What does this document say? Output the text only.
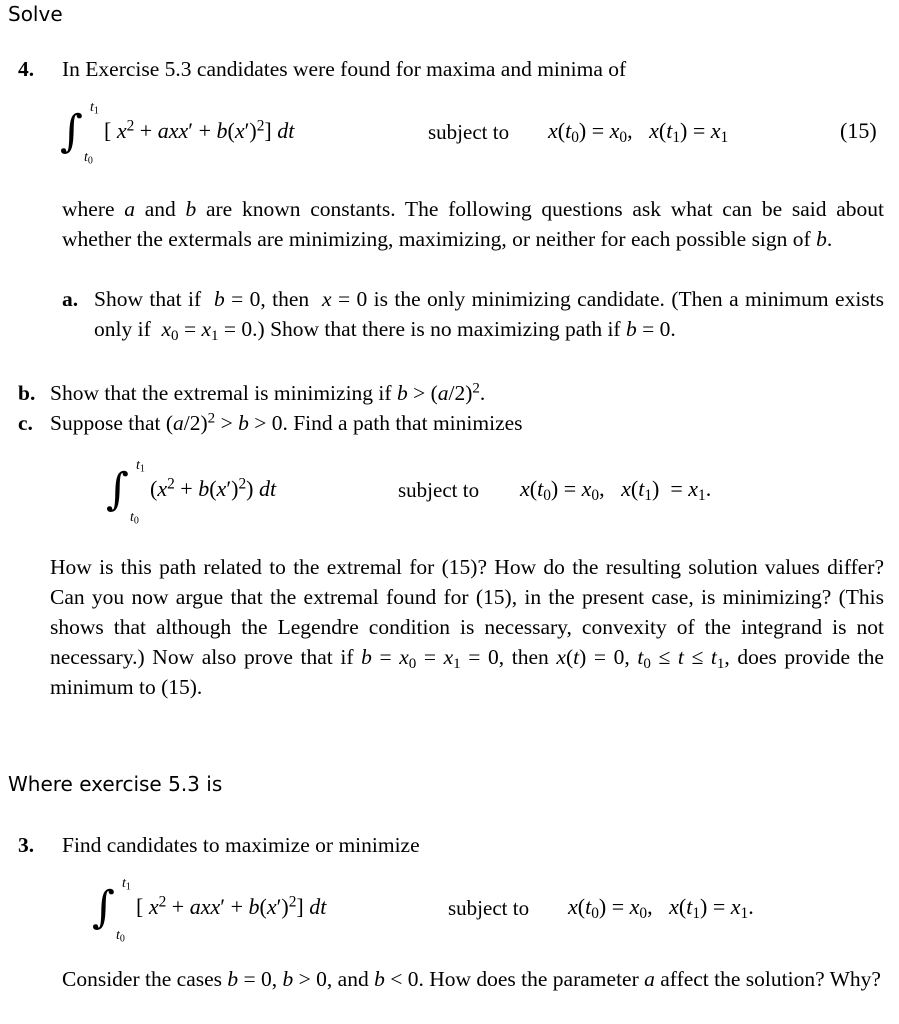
Solve
4. In Exercise 5.3 candidates were found for maxima and minima of
∫ $t_1$
$t_0$
[ $x^2 + axx' + b(x')^2$] dt	subject to $x(t_0) = x_0$,   $x(t_1) = x_1$	(15)
where a and b are known constants. The following questions ask what can be said about whether the extermals are minimizing, maximizing, or neither for each possible sign of b.
a. Show that if  b = 0, then  x = 0 is the only minimizing candidate. (Then a minimum exists only if  $x_0 = x_1 = 0$.) Show that there is no maximizing path if b = 0.
b. Show that the extremal is minimizing if $b > (a/2)^2$.
c. Suppose that $(a/2)^2 > b > 0$. Find a path that minimizes
∫ $t_1$
$t_0$
$(x^2 + b(x')^2)$ dt	subject to $x(t_0) = x_0$,   $x(t_1) = x_1$.
How is this path related to the extremal for (15)? How do the resulting solution values differ? Can you now argue that the extremal found for (15), in the present case, is minimizing? (This shows that although the Legendre condition is necessary, convexity of the integrand is not necessary.) Now also prove that if $b = x_0 = x_1 = 0$, then x(t) = 0, $t_0 \le t \le t_1$, does provide the minimum to (15).
Where exercise 5.3 is
3. Find candidates to maximize or minimize
∫ $t_1$
$t_0$
[ $x^2 + axx' + b(x')^2$] dt	subject to $x(t_0) = x_0$,   $x(t_1) = x_1$.
Consider the cases b = 0, b > 0, and b < 0. How does the parameter a affect the solution? Why?
